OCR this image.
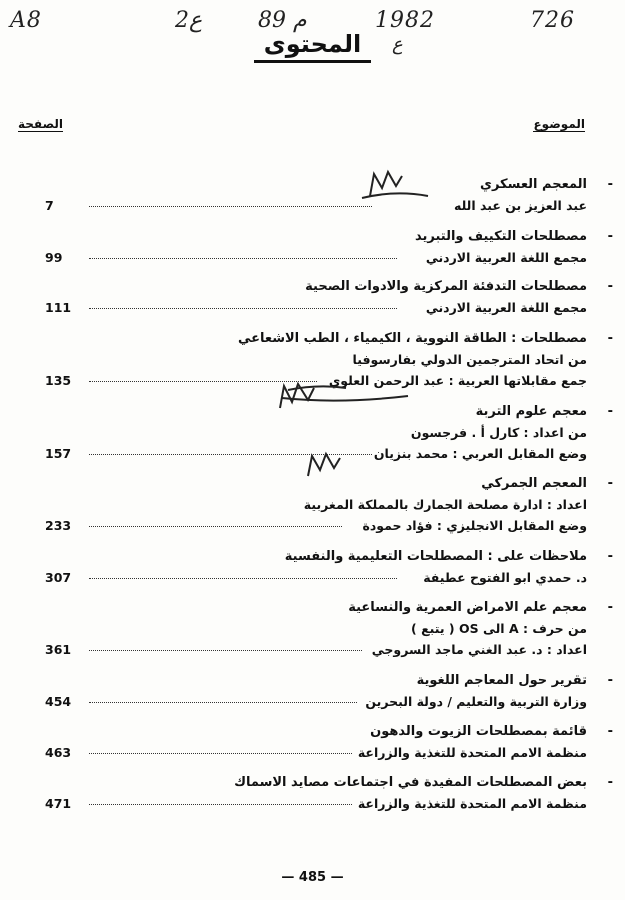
A8	2ع	89 م	1982	726
ع
المحتوى
الموضوع
الصفحة
-
المعجم العسكري
عبد العزيز بن عبد الله
7
-
مصطلحات التكييف والتبريد
مجمع اللغة العربية الاردني
99
-
مصطلحات التدفئة المركزية والادوات الصحية
مجمع اللغة العربية الاردني
111
-
مصطلحات : الطاقة النووية ، الكيمياء ، الطب الاشعاعي
من اتحاد المترجمين الدولي بفارسوفيا
جمع مقابلاتها العربية : عبد الرحمن العلوي
135
-
معجم علوم التربة
من اعداد : كارل أ . فرجسون
وضع المقابل العربي : محمد بنزيان
157
-
المعجم الجمركي
اعداد : ادارة مصلحة الجمارك بالمملكة المغربية
وضع المقابل الانجليزي : فؤاد حمودة
233
-
ملاحظات على : المصطلحات التعليمية والنفسية
د. حمدي ابو الفتوح عطيفة
307
-
معجم علم الامراض العمرية والنساعية
من حرف : A الى OS ( يتبع )
اعداد : د. عبد الغني ماجد السروجي
361
-
تقرير حول المعاجم اللغوية
وزارة التربية والتعليم / دولة البحرين
454
-
قائمة بمصطلحات الزيوت والدهون
منظمة الامم المتحدة للتغذية والزراعة
463
-
بعض المصطلحات المفيدة في اجتماعات مصايد الاسماك
منظمة الامم المتحدة للتغذية والزراعة
471
— 485 —
